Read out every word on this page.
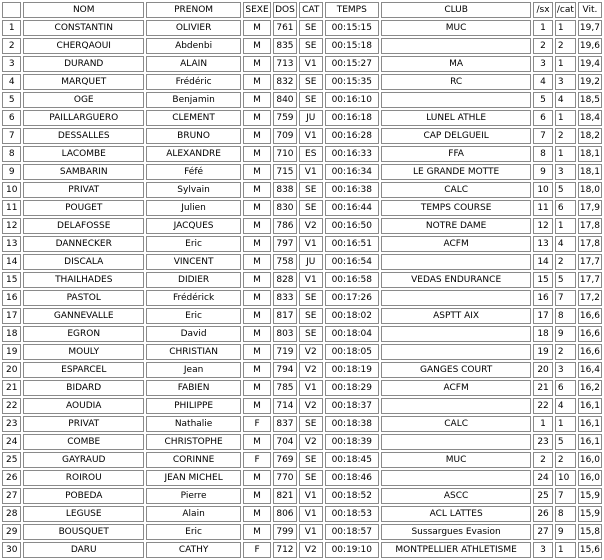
	NOM	PRENOM	SEXE	DOS	CAT	TEMPS	CLUB	/sx	/cat	Vit.
1	CONSTANTIN	OLIVIER	M	761	SE	00:15:15	MUC	1	1	19,7
2	CHERQAOUI	Abdenbi	M	835	SE	00:15:18		2	2	19,6
3	DURAND	ALAIN	M	713	V1	00:15:27	MA	3	1	19,4
4	MARQUET	Frédéric	M	832	SE	00:15:35	RC	4	3	19,2
5	OGE	Benjamin	M	840	SE	00:16:10		5	4	18,5
6	PAILLARGUERO	CLEMENT	M	759	JU	00:16:18	LUNEL ATHLE	6	1	18,4
7	DESSALLES	BRUNO	M	709	V1	00:16:28	CAP DELGUEIL	7	2	18,2
8	LACOMBE	ALEXANDRE	M	710	ES	00:16:33	FFA	8	1	18,1
9	SAMBARIN	Féfé	M	715	V1	00:16:34	LE GRANDE MOTTE	9	3	18,1
10	PRIVAT	Sylvain	M	838	SE	00:16:38	CALC	10	5	18,0
11	POUGET	Julien	M	830	SE	00:16:44	TEMPS COURSE	11	6	17,9
12	DELAFOSSE	JACQUES	M	786	V2	00:16:50	NOTRE DAME	12	1	17,8
13	DANNECKER	Eric	M	797	V1	00:16:51	ACFM	13	4	17,8
14	DISCALA	VINCENT	M	758	JU	00:16:54		14	2	17,7
15	THAILHADES	DIDIER	M	828	V1	00:16:58	VEDAS ENDURANCE	15	5	17,7
16	PASTOL	Frédérick	M	833	SE	00:17:26		16	7	17,2
17	GANNEVALLE	Eric	M	817	SE	00:18:02	ASPTT AIX	17	8	16,6
18	EGRON	David	M	803	SE	00:18:04		18	9	16,6
19	MOULY	CHRISTIAN	M	719	V2	00:18:05		19	2	16,6
20	ESPARCEL	Jean	M	794	V2	00:18:19	GANGES COURT	20	3	16,4
21	BIDARD	FABIEN	M	785	V1	00:18:29	ACFM	21	6	16,2
22	AOUDIA	PHILIPPE	M	714	V2	00:18:37		22	4	16,1
23	PRIVAT	Nathalie	F	837	SE	00:18:38	CALC	1	1	16,1
24	COMBE	CHRISTOPHE	M	704	V2	00:18:39		23	5	16,1
25	GAYRAUD	CORINNE	F	769	SE	00:18:45	MUC	2	2	16,0
26	ROIROU	JEAN MICHEL	M	770	SE	00:18:46		24	10	16,0
27	POBEDA	Pierre	M	821	V1	00:18:52	ASCC	25	7	15,9
28	LEGUSE	Alain	M	806	V1	00:18:53	ACL LATTES	26	8	15,9
29	BOUSQUET	Eric	M	799	V1	00:18:57	Sussargues Evasion	27	9	15,8
30	DARU	CATHY	F	712	V2	00:19:10	MONTPELLIER ATHLETISME	3	1	15,6
